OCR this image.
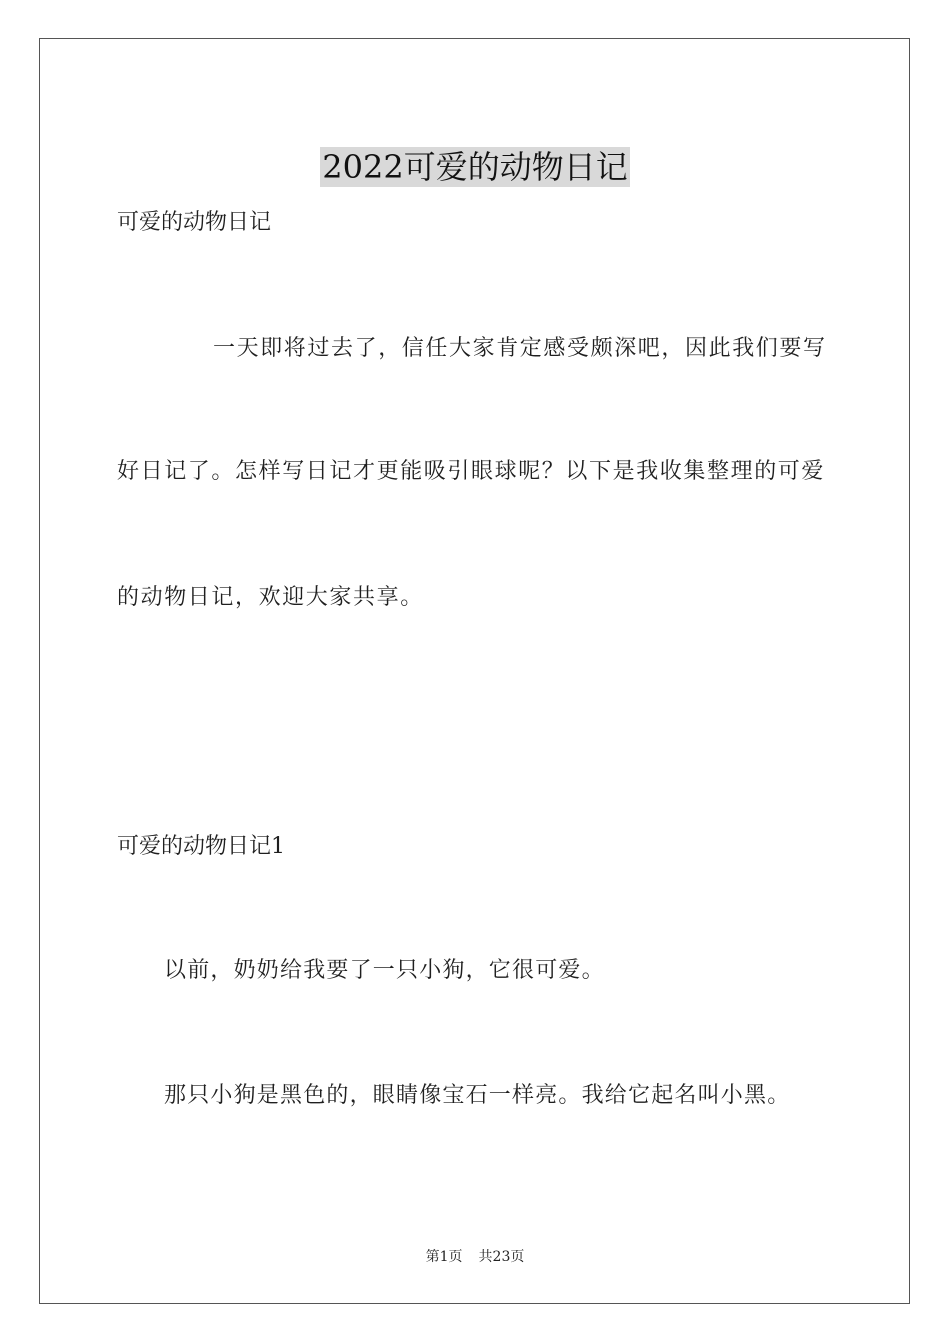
2022可爱的动物日记
可爱的动物日记
一天即将过去了，信任大家肯定感受颇深吧，因此我们要写
好日记了。怎样写日记才更能吸引眼球呢？以下是我收集整理的可爱
的动物日记，欢迎大家共享。
可爱的动物日记1
以前，奶奶给我要了一只小狗，它很可爱。
那只小狗是黑色的，眼睛像宝石一样亮。我给它起名叫小黑。
第1页 共23页
